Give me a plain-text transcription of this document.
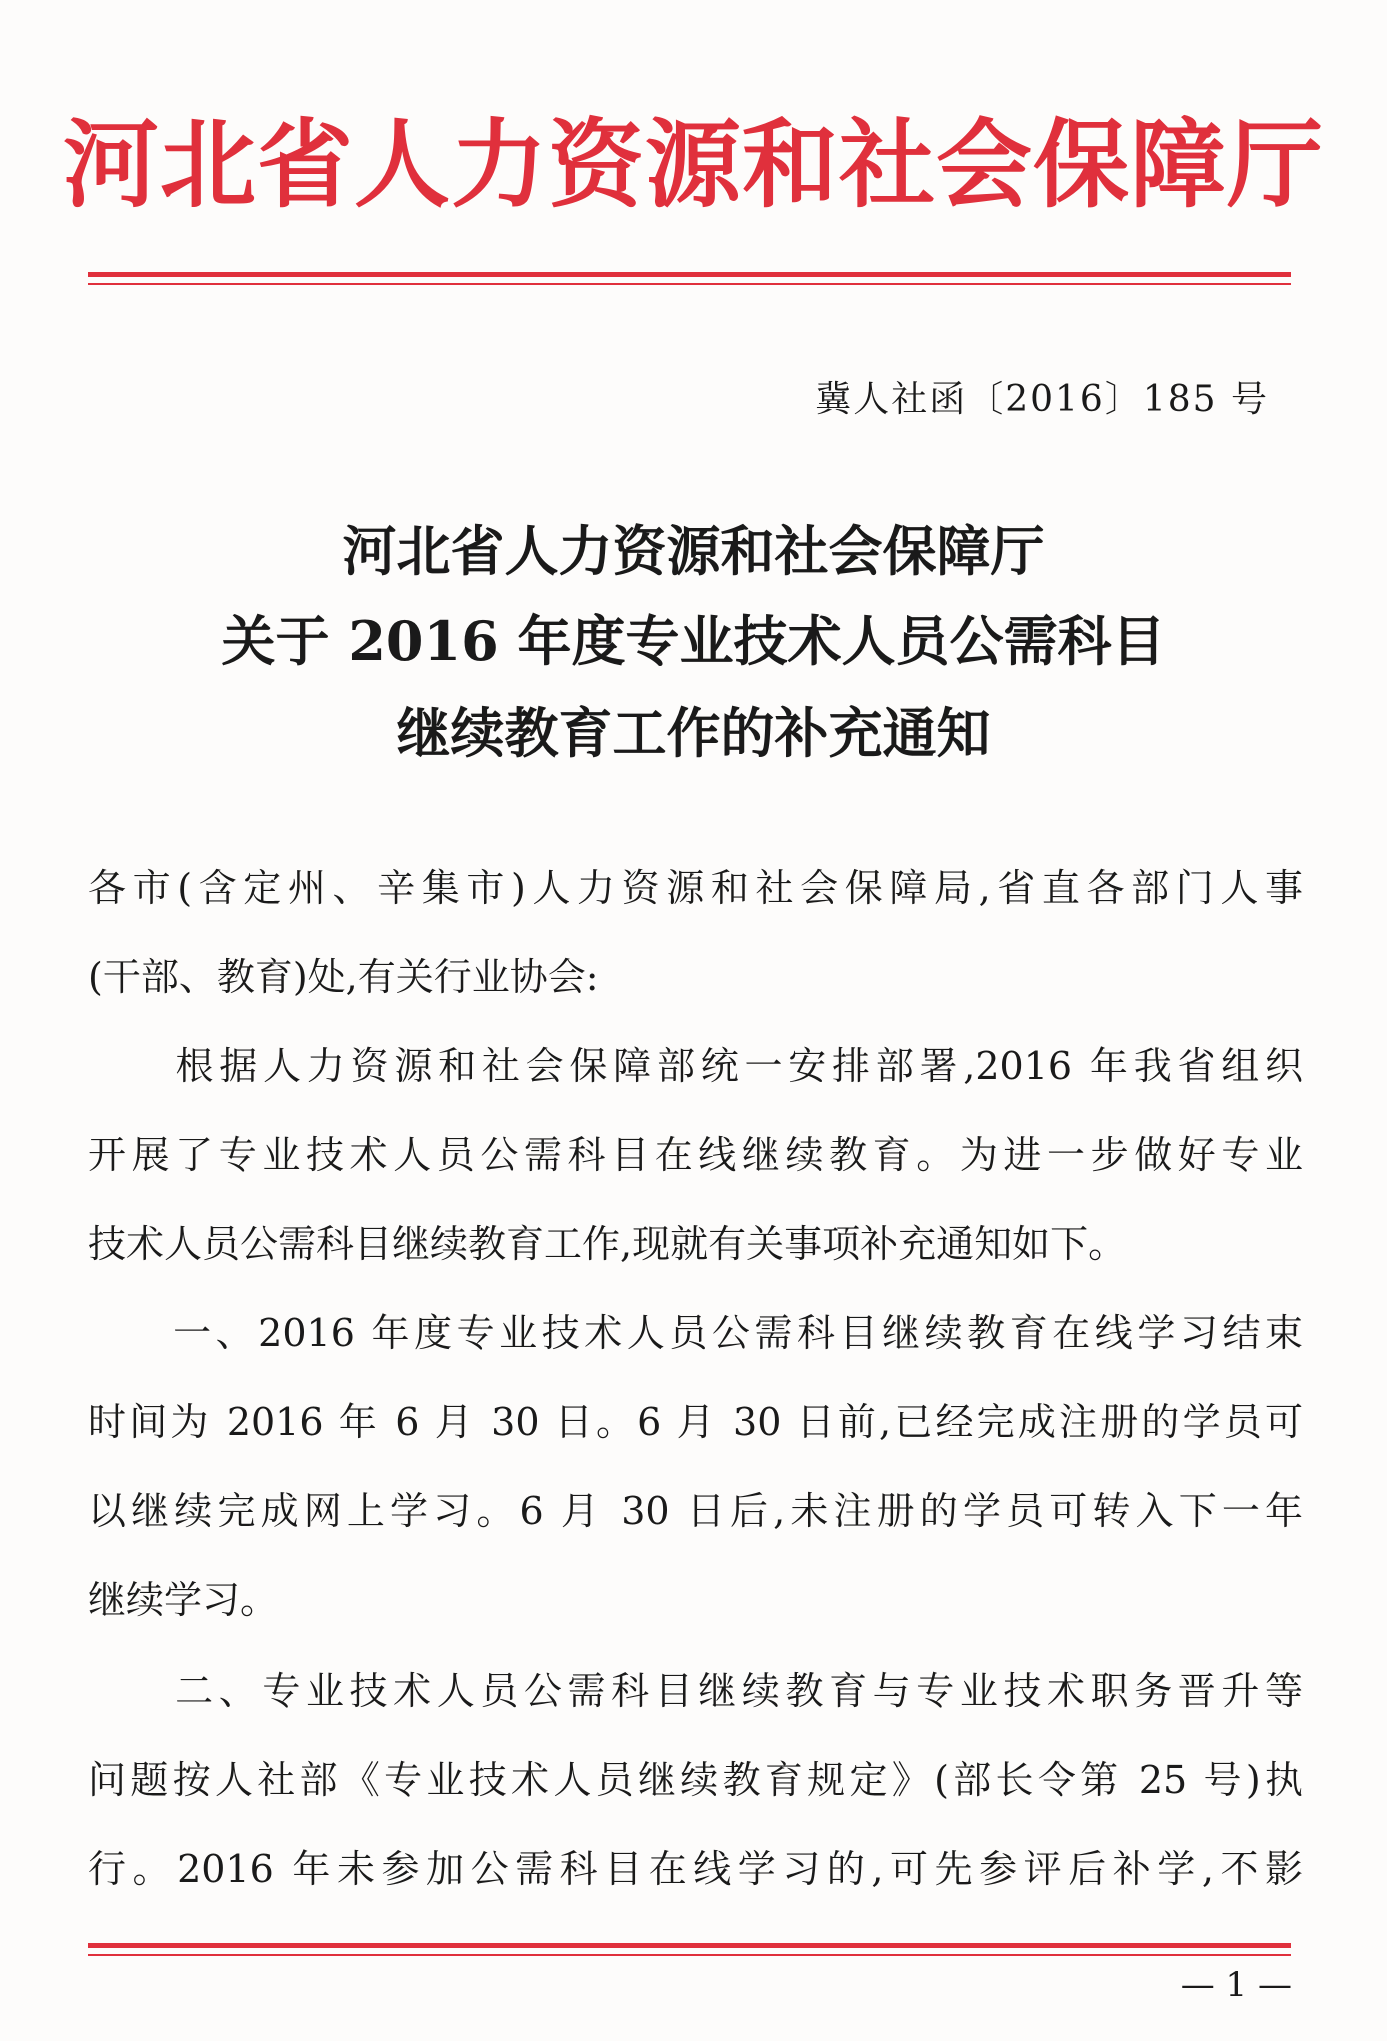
河北省人力资源和社会保障厅
冀人社函〔2016〕185 号
河北省人力资源和社会保障厅
关于 2016 年度专业技术人员公需科目
继续教育工作的补充通知
各市(含定州、辛集市)人力资源和社会保障局,省直各部门人事
(干部、教育)处,有关行业协会:
　　根据人力资源和社会保障部统一安排部署,2016 年我省组织
开展了专业技术人员公需科目在线继续教育。为进一步做好专业
技术人员公需科目继续教育工作,现就有关事项补充通知如下。
　　一、2016 年度专业技术人员公需科目继续教育在线学习结束
时间为 2016 年 6 月 30 日。6 月 30 日前,已经完成注册的学员可
以继续完成网上学习。6 月 30 日后,未注册的学员可转入下一年
继续学习。
　　二、专业技术人员公需科目继续教育与专业技术职务晋升等
问题按人社部《专业技术人员继续教育规定》(部长令第 25 号)执
行。2016 年未参加公需科目在线学习的,可先参评后补学,不影
— 1 —
